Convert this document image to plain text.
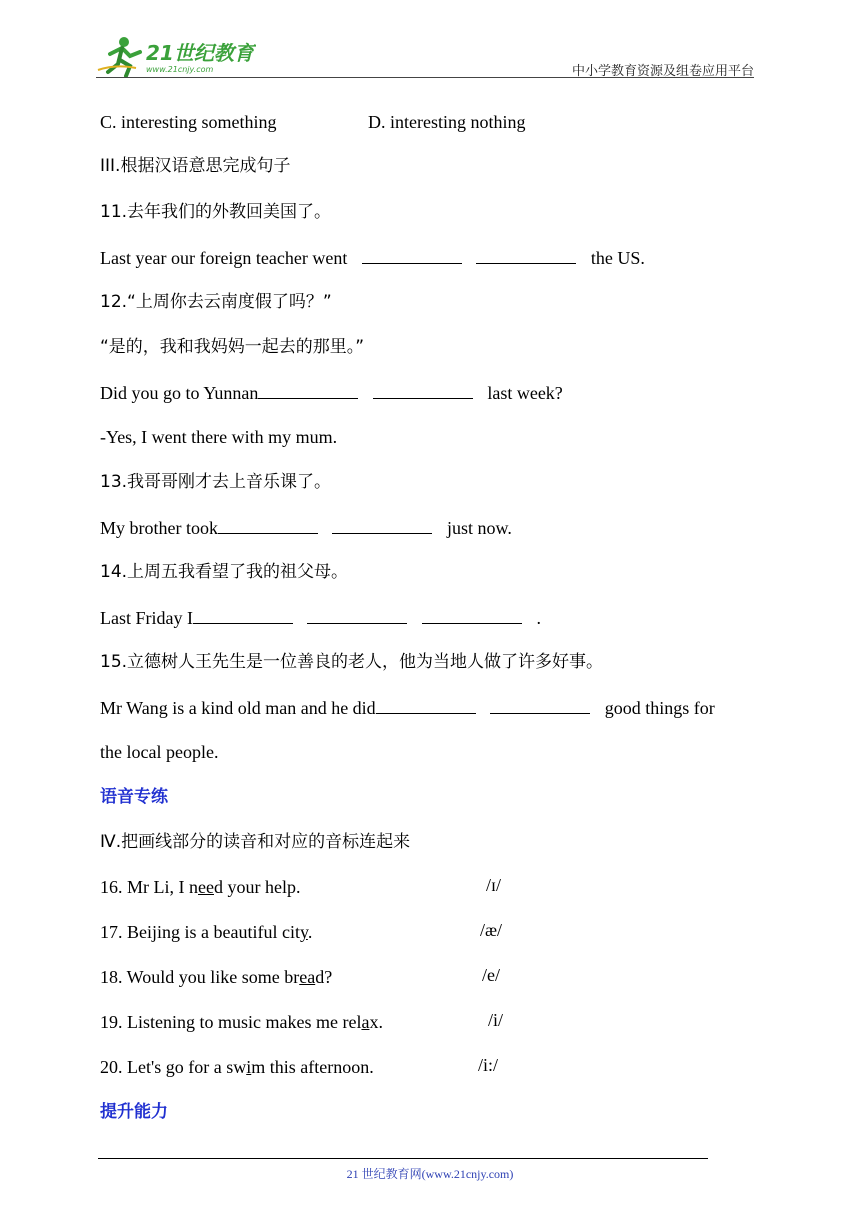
21世纪教育
www.21cnjy.com	中小学教育资源及组卷应用平台
C. interesting something	D. interesting nothing
III.根据汉语意思完成句子
11.去年我们的外教回美国了。
Last year our foreign teacher went	the US.
12.“上周你去云南度假了吗？”
“是的，我和我妈妈一起去的那里。”
Did you go to Yunnan	last week?
-Yes, I went there with my mum.
13.我哥哥刚才去上音乐课了。
My brother took	just now.
14.上周五我看望了我的祖父母。
Last Friday I	.
15.立德树人王先生是一位善良的老人，他为当地人做了许多好事。
Mr Wang is a kind old man and he did	good things for
the local people.
语音专练
Ⅳ.把画线部分的读音和对应的音标连起来
16. Mr Li, I need your help.	/ɪ/
17. Beijing is a beautiful city.	/æ/
18. Would you like some bread?	/e/
19. Listening to music makes me relax.	/i/
20. Let's go for a swim this afternoon.	/i:/
提升能力
21 世纪教育网(www.21cnjy.com)
